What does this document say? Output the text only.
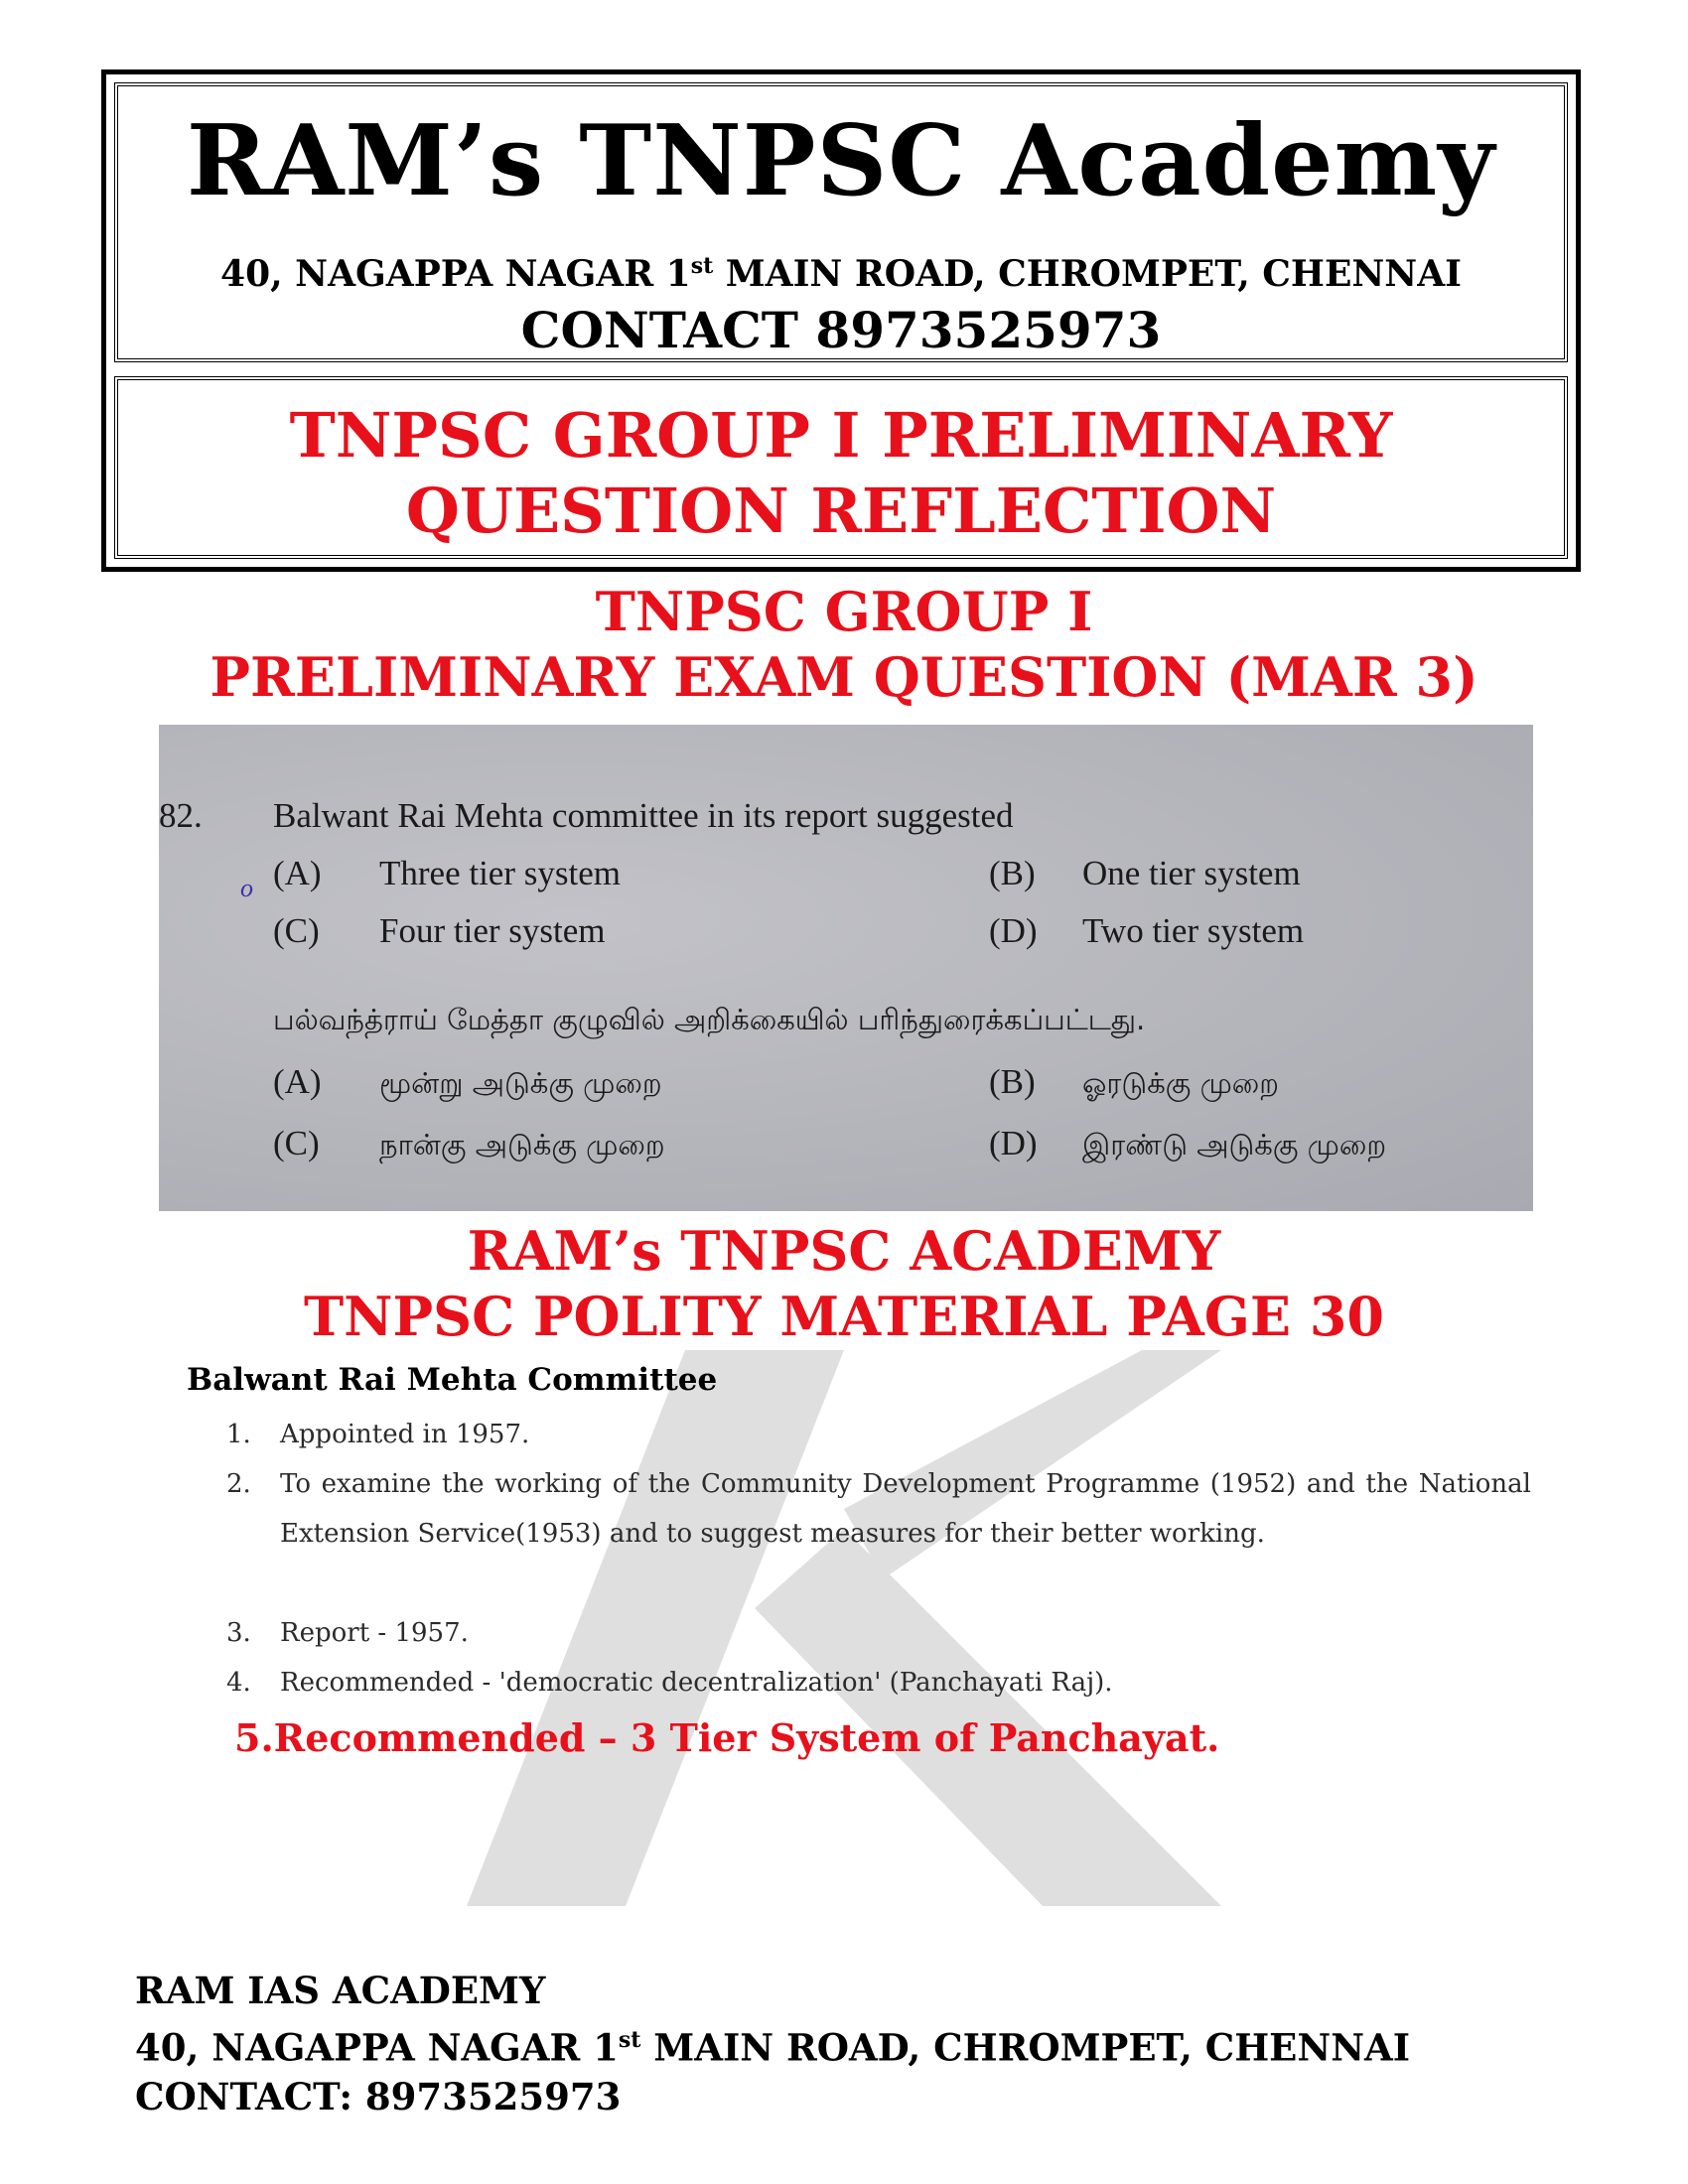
RAM’s TNPSC Academy
40, NAGAPPA NAGAR 1st MAIN ROAD, CHROMPET, CHENNAI
CONTACT 8973525973
TNPSC GROUP I PRELIMINARY
QUESTION REFLECTION
TNPSC GROUP I
PRELIMINARY EXAM QUESTION (MAR 3)
82. Balwant Rai Mehta committee in its report suggested
o (A) Three tier system	(B) One tier system
(C) Four tier system	(D) Two tier system
பல்வந்த்ராய் மேத்தா குழுவில் அறிக்கையில் பரிந்துரைக்கப்பட்டது.
(A) மூன்று அடுக்கு முறை	(B) ஓரடுக்கு முறை
(C) நான்கு அடுக்கு முறை	(D) இரண்டு அடுக்கு முறை
RAM’s TNPSC ACADEMY
TNPSC POLITY MATERIAL PAGE 30
Balwant Rai Mehta Committee
1. Appointed in 1957.
2. To examine the working of the Community Development Programme (1952) and the National Extension Service(1953) and to suggest measures for their better working.
3. Report - 1957.
4. Recommended - 'democratic decentralization' (Panchayati Raj).
5.Recommended – 3 Tier System of Panchayat.
RAM IAS ACADEMY
40, NAGAPPA NAGAR 1st MAIN ROAD, CHROMPET, CHENNAI
CONTACT: 8973525973
